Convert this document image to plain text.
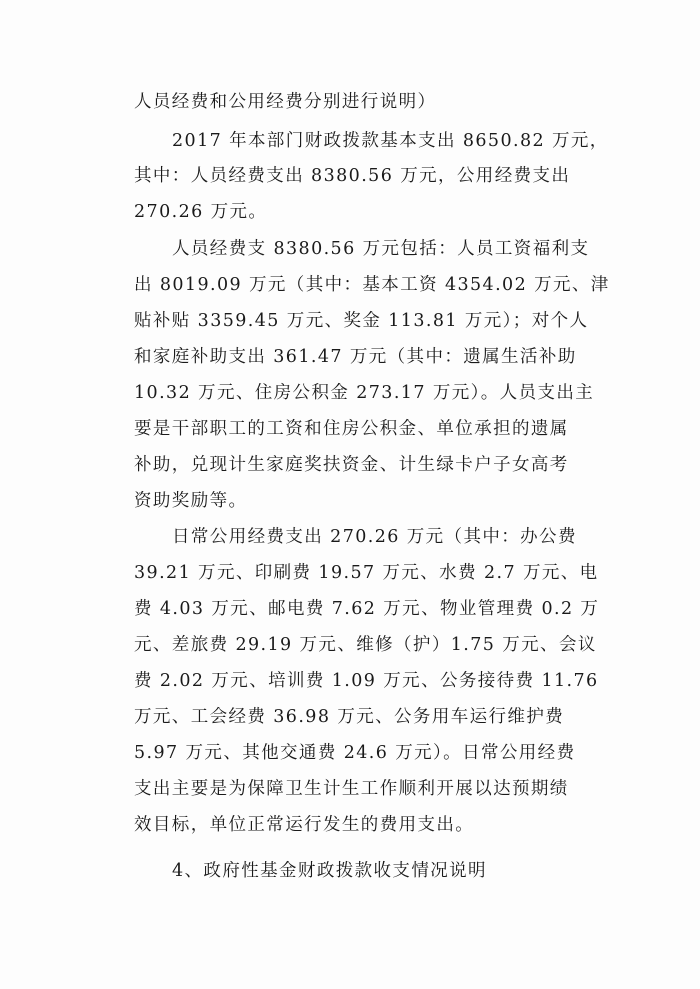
人员经费和公用经费分别进行说明）
2017 年本部门财政拨款基本支出 8650.82 万元，
其中：人员经费支出 8380.56 万元，公用经费支出
270.26 万元。
人员经费支 8380.56 万元包括：人员工资福利支
出 8019.09 万元（其中：基本工资 4354.02 万元、津
贴补贴 3359.45 万元、奖金 113.81 万元）；对个人
和家庭补助支出 361.47 万元（其中：遗属生活补助
10.32 万元、住房公积金 273.17 万元）。人员支出主
要是干部职工的工资和住房公积金、单位承担的遗属
补助，兑现计生家庭奖扶资金、计生绿卡户子女高考
资助奖励等。
日常公用经费支出 270.26 万元（其中：办公费
39.21 万元、印刷费 19.57 万元、水费 2.7 万元、电
费 4.03 万元、邮电费 7.62 万元、物业管理费 0.2 万
元、差旅费 29.19 万元、维修（护）1.75 万元、会议
费 2.02 万元、培训费 1.09 万元、公务接待费 11.76
万元、工会经费 36.98 万元、公务用车运行维护费
5.97 万元、其他交通费 24.6 万元）。日常公用经费
支出主要是为保障卫生计生工作顺利开展以达预期绩
效目标，单位正常运行发生的费用支出。
4、政府性基金财政拨款收支情况说明
